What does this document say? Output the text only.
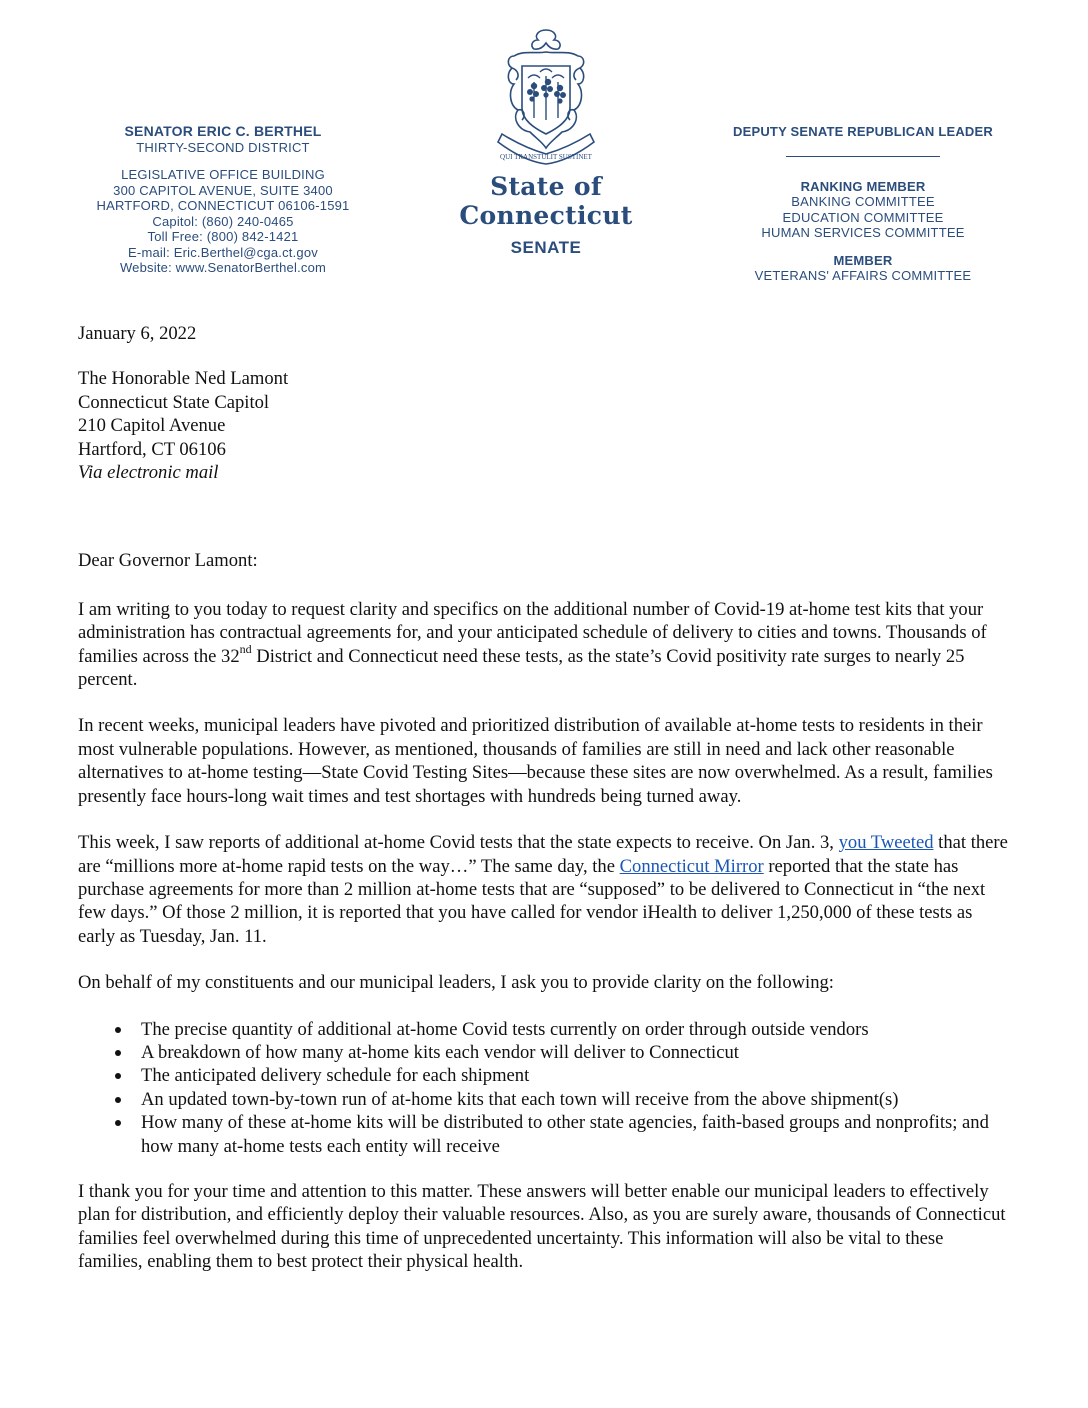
SENATOR ERIC C. BERTHEL
THIRTY-SECOND DISTRICT
LEGISLATIVE OFFICE BUILDING
300 CAPITOL AVENUE, SUITE 3400
HARTFORD, CONNECTICUT 06106-1591
Capitol: (860) 240-0465
Toll Free: (800) 842-1421
E-mail: Eric.Berthel@cga.ct.gov
Website: www.SenatorBerthel.com
QUI TRANSTULIT SUSTINET
State of Connecticut
SENATE
DEPUTY SENATE REPUBLICAN LEADER
RANKING MEMBER
BANKING COMMITTEE
EDUCATION COMMITTEE
HUMAN SERVICES COMMITTEE
MEMBER
VETERANS' AFFAIRS COMMITTEE

January 6, 2022

The Honorable Ned Lamont

Connecticut State Capitol

210 Capitol Avenue

Hartford, CT 06106

Via electronic mail

Dear Governor Lamont:

I am writing to you today to request clarity and specifics on the additional number of Covid-19 at-home test kits that your administration has contractual agreements for, and your anticipated schedule of delivery to cities and towns. Thousands of families across the 32nd District and Connecticut need these tests, as the state’s Covid positivity rate surges to nearly 25 percent.

In recent weeks, municipal leaders have pivoted and prioritized distribution of available at-home tests to residents in their most vulnerable populations. However, as mentioned, thousands of families are still in need and lack other reasonable alternatives to at-home testing—State Covid Testing Sites—because these sites are now overwhelmed. As a result, families presently face hours-long wait times and test shortages with hundreds being turned away.

This week, I saw reports of additional at-home Covid tests that the state expects to receive. On Jan. 3, you Tweeted that there are “millions more at-home rapid tests on the way…” The same day, the Connecticut Mirror reported that the state has purchase agreements for more than 2 million at-home tests that are “supposed” to be delivered to Connecticut in “the next few days.” Of those 2 million, it is reported that you have called for vendor iHealth to deliver 1,250,000 of these tests as early as Tuesday, Jan. 11.

On behalf of my constituents and our municipal leaders, I ask you to provide clarity on the following:

The precise quantity of additional at-home Covid tests currently on order through outside vendors
A breakdown of how many at-home kits each vendor will deliver to Connecticut
The anticipated delivery schedule for each shipment
An updated town-by-town run of at-home kits that each town will receive from the above shipment(s)
How many of these at-home kits will be distributed to other state agencies, faith-based groups and nonprofits; and how many at-home tests each entity will receive

I thank you for your time and attention to this matter. These answers will better enable our municipal leaders to effectively plan for distribution, and efficiently deploy their valuable resources. Also, as you are surely aware, thousands of Connecticut families feel overwhelmed during this time of unprecedented uncertainty. This information will also be vital to these families, enabling them to best protect their physical health.
